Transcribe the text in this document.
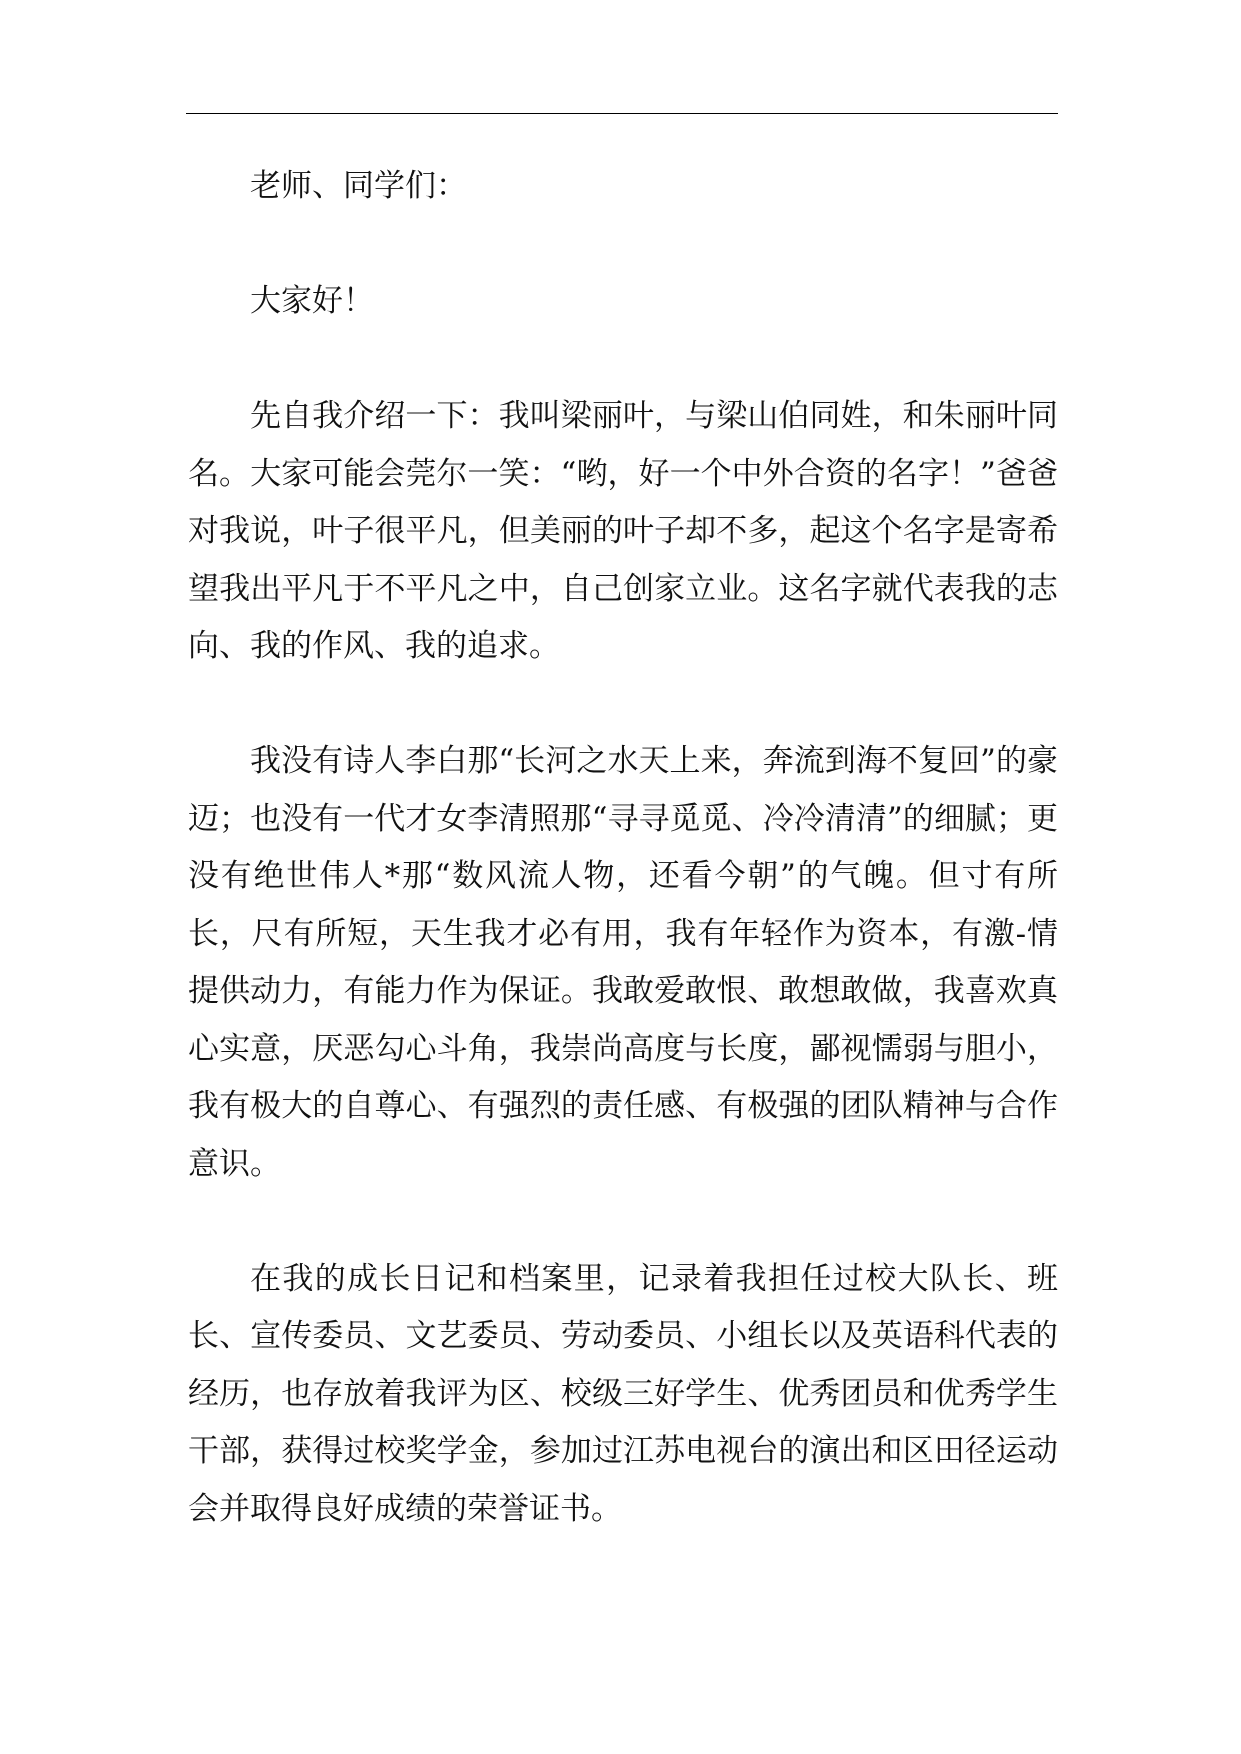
老师、同学们：

大家好！

先自我介绍一下：我叫梁丽叶，与梁山伯同姓，和朱丽叶同名。大家可能会莞尔一笑：“哟，好一个中外合资的名字！”爸爸对我说，叶子很平凡，但美丽的叶子却不多，起这个名字是寄希望我出平凡于不平凡之中，自己创家立业。这名字就代表我的志向、我的作风、我的追求。

我没有诗人李白那“长河之水天上来，奔流到海不复回”的豪迈；也没有一代才女李清照那“寻寻觅觅、冷冷清清”的细腻；更没有绝世伟人*那“数风流人物，还看今朝”的气魄。但寸有所长，尺有所短，天生我才必有用，我有年轻作为资本，有激-情提供动力，有能力作为保证。我敢爱敢恨、敢想敢做，我喜欢真心实意，厌恶勾心斗角，我崇尚高度与长度，鄙视懦弱与胆小，我有极大的自尊心、有强烈的责任感、有极强的团队精神与合作意识。

在我的成长日记和档案里，记录着我担任过校大队长、班长、宣传委员、文艺委员、劳动委员、小组长以及英语科代表的经历，也存放着我评为区、校级三好学生、优秀团员和优秀学生干部，获得过校奖学金，参加过江苏电视台的演出和区田径运动会并取得良好成绩的荣誉证书。
